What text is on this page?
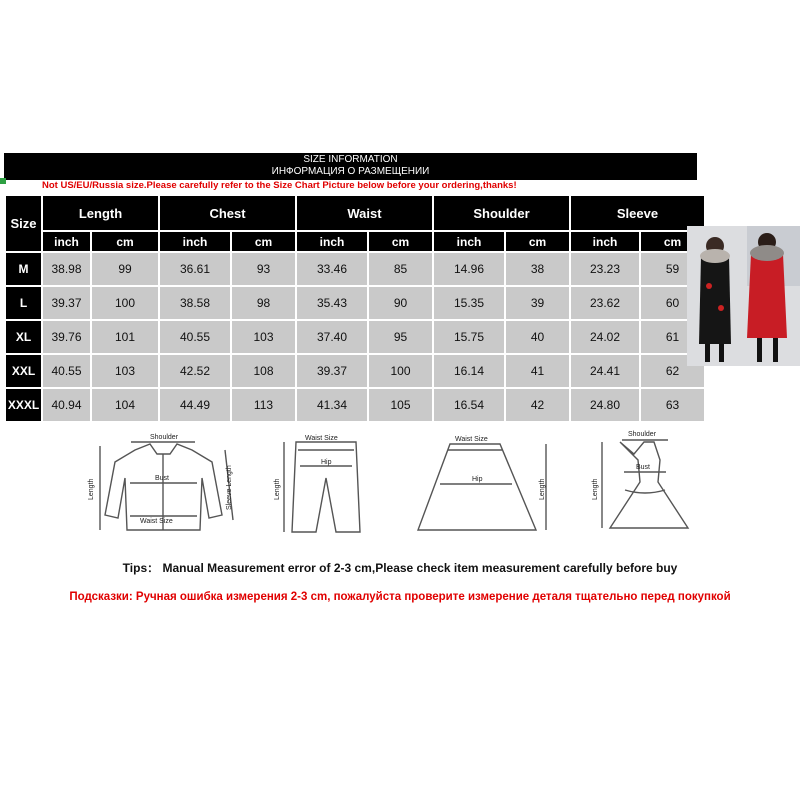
SIZE INFORMATION
ИНФОРМАЦИЯ О РАЗМЕЩЕНИИ
Not US/EU/Russia size.Please carefully refer to the Size Chart Picture below before your ordering,thanks!
Size	Length		Chest		Waist		Shoulder		Sleeve	
	inch	cm	inch	cm	inch	cm	inch	cm	inch	cm
M	38.98	99	36.61	93	33.46	85	14.96	38	23.23	59
L	39.37	100	38.58	98	35.43	90	15.35	39	23.62	60
XL	39.76	101	40.55	103	37.40	95	15.75	40	24.02	61
XXL	40.55	103	42.52	108	39.37	100	16.14	41	24.41	62
XXXL	40.94	104	44.49	113	41.34	105	16.54	42	24.80	63
Shoulder
Bust
Waist Size
Length	Sleeve Length
Waist Size
Hip
Length
Waist Size
Hip	Length
Shoulder
Bust
Length
Tips： Manual Measurement error of 2-3 cm,Please check item measurement carefully before buy
Подсказки: Ручная ошибка измерения 2-3 cm, пожалуйста проверите измерение деталя тщательно перед покупкой
